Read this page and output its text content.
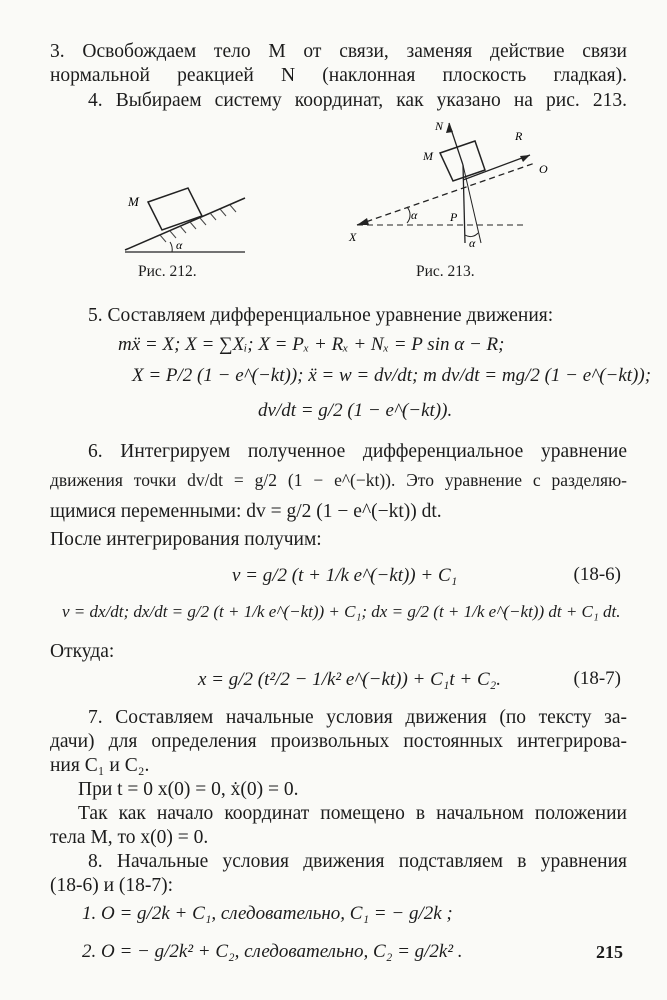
3. Освобождаем тело M от связи, заменяя действие связи
нормальной реакцией N (наклонная плоскость гладкая).
4. Выбираем систему координат, как указано на рис. 213.
M
α
Рис. 212.
N
R
O
M
P
X
α
α
Рис. 213.
5. Составляем дифференциальное уравнение движения:
mẍ = X; X = ∑Xᵢ; X = Pₓ + Rₓ + Nₓ = P sin α − R;
X = P/2 (1 − e^(−kt)); ẍ = w = dv/dt; m dv/dt = mg/2 (1 − e^(−kt));
dv/dt = g/2 (1 − e^(−kt)).
6. Интегрируем полученное дифференциальное уравнение
движения точки dv/dt = g/2 (1 − e^(−kt)). Это уравнение с разделяю-
щимися переменными: dv = g/2 (1 − e^(−kt)) dt.
После интегрирования получим:
v = g/2 (t + 1/k e^(−kt)) + C₁	(18-6)
v = dx/dt; dx/dt = g/2 (t + 1/k e^(−kt)) + C₁; dx = g/2 (t + 1/k e^(−kt)) dt + C₁ dt.
Откуда:
x = g/2 (t²/2 − 1/k² e^(−kt)) + C₁t + C₂.	(18-7)
7. Составляем начальные условия движения (по тексту за-
дачи) для определения произвольных постоянных интегрирова-
ния C₁ и C₂.
При t = 0 x(0) = 0, ẋ(0) = 0.
Так как начало координат помещено в начальном положении
тела M, то x(0) = 0.
8. Начальные условия движения подставляем в уравнения
(18-6) и (18-7):
1. O = g/2k + C₁, следовательно, C₁ = − g/2k ;
2. O = − g/2k² + C₂, следовательно, C₂ = g/2k² .	215
